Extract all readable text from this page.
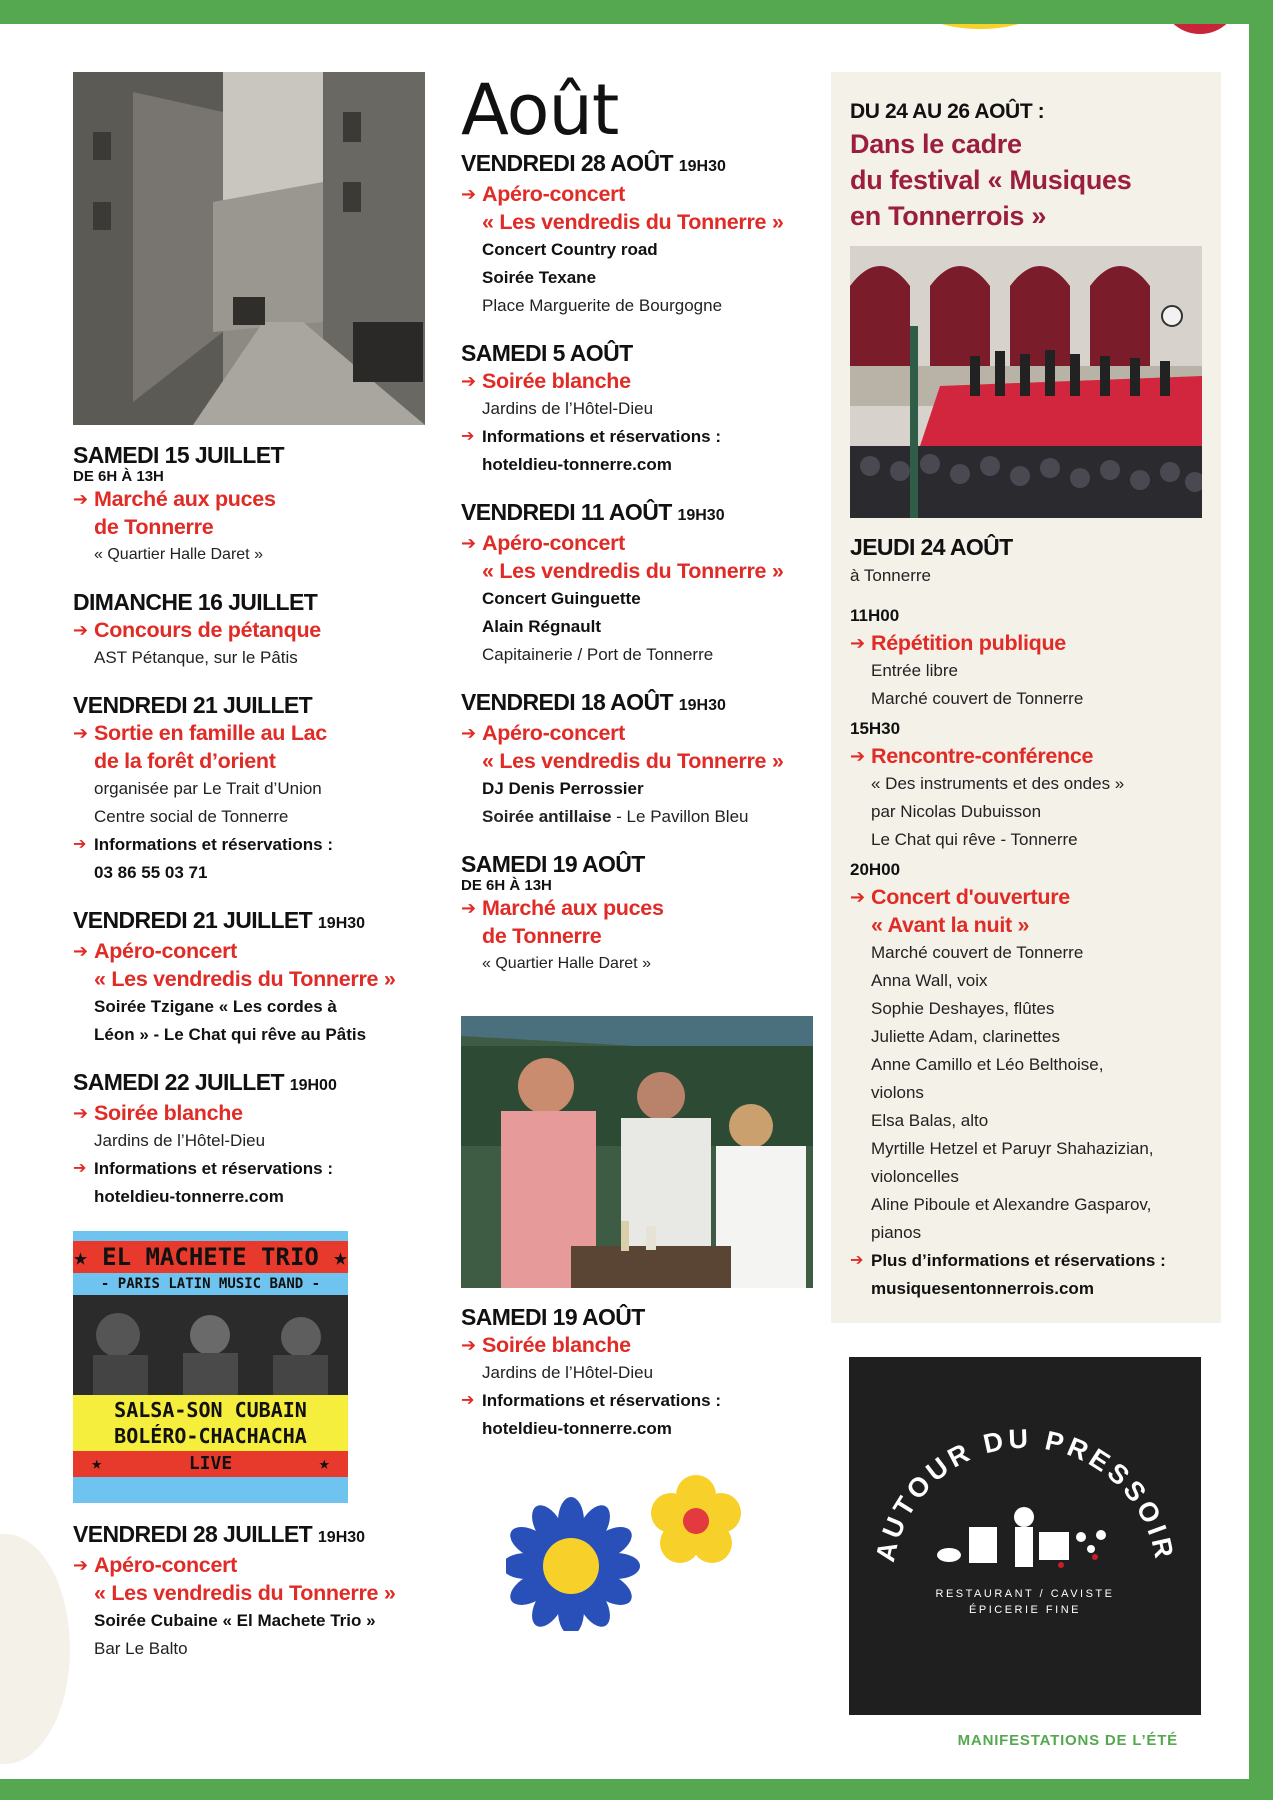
SAMEDI 15 JUILLET
DE 6H À 13H
➔ Marché aux puces
de Tonnerre
« Quartier Halle Daret »
DIMANCHE 16 JUILLET
➔ Concours de pétanque
AST Pétanque, sur le Pâtis
VENDREDI 21 JUILLET
➔ Sortie en famille au Lac
de la forêt d’orient
organisée par Le Trait d’Union
Centre social de Tonnerre
➔ Informations et réservations :
03 86 55 03 71
VENDREDI 21 JUILLET 19H30
➔ Apéro-concert
« Les vendredis du Tonnerre »
Soirée Tzigane « Les cordes à
Léon » - Le Chat qui rêve au Pâtis
SAMEDI 22 JUILLET 19H00
➔ Soirée blanche
Jardins de l’Hôtel-Dieu
➔ Informations et réservations :
hoteldieu-tonnerre.com
★ EL MACHETE TRIO ★
- PARIS LATIN MUSIC BAND -
SALSA-SON CUBAIN
BOLÉRO-CHACHACHA
★        LIVE        ★
VENDREDI 28 JUILLET 19H30
➔ Apéro-concert
« Les vendredis du Tonnerre »
Soirée Cubaine « El Machete Trio »
Bar Le Balto
Août
VENDREDI 28 AOÛT 19H30
➔ Apéro-concert
« Les vendredis du Tonnerre »
Concert Country road
Soirée Texane
Place Marguerite de Bourgogne
SAMEDI 5 AOÛT
➔ Soirée blanche
Jardins de l’Hôtel-Dieu
➔ Informations et réservations :
hoteldieu-tonnerre.com
VENDREDI 11 AOÛT 19H30
➔ Apéro-concert
« Les vendredis du Tonnerre »
Concert Guinguette
Alain Régnault
Capitainerie / Port de Tonnerre
VENDREDI 18 AOÛT 19H30
➔ Apéro-concert
« Les vendredis du Tonnerre »
DJ Denis Perrossier
Soirée antillaise - Le Pavillon Bleu
SAMEDI 19 AOÛT
DE 6H À 13H
➔ Marché aux puces
de Tonnerre
« Quartier Halle Daret »
SAMEDI 19 AOÛT
➔ Soirée blanche
Jardins de l’Hôtel-Dieu
➔ Informations et réservations :
hoteldieu-tonnerre.com
DU 24 AU 26 AOÛT :
Dans le cadre
du festival « Musiques
en Tonnerrois »
JEUDI 24 AOÛT
à Tonnerre
11H00
➔ Répétition publique
Entrée libre
Marché couvert de Tonnerre
15H30
➔ Rencontre-conférence
« Des instruments et des ondes »
par Nicolas Dubuisson
Le Chat qui rêve - Tonnerre
20H00
➔ Concert d'ouverture
« Avant la nuit »
Marché couvert de Tonnerre
Anna Wall, voix
Sophie Deshayes, flûtes
Juliette Adam, clarinettes
Anne Camillo et Léo Belthoise,
violons
Elsa Balas, alto
Myrtille Hetzel et Paruyr Shahazizian,
violoncelles
Aline Piboule et Alexandre Gasparov,
pianos
➔ Plus d’informations et réservations :
musiquesentonnerrois.com
AUTOUR DU PRESSOIR
RESTAURANT / CAVISTE
ÉPICERIE FINE
MANIFESTATIONS DE L’ÉTÉ
